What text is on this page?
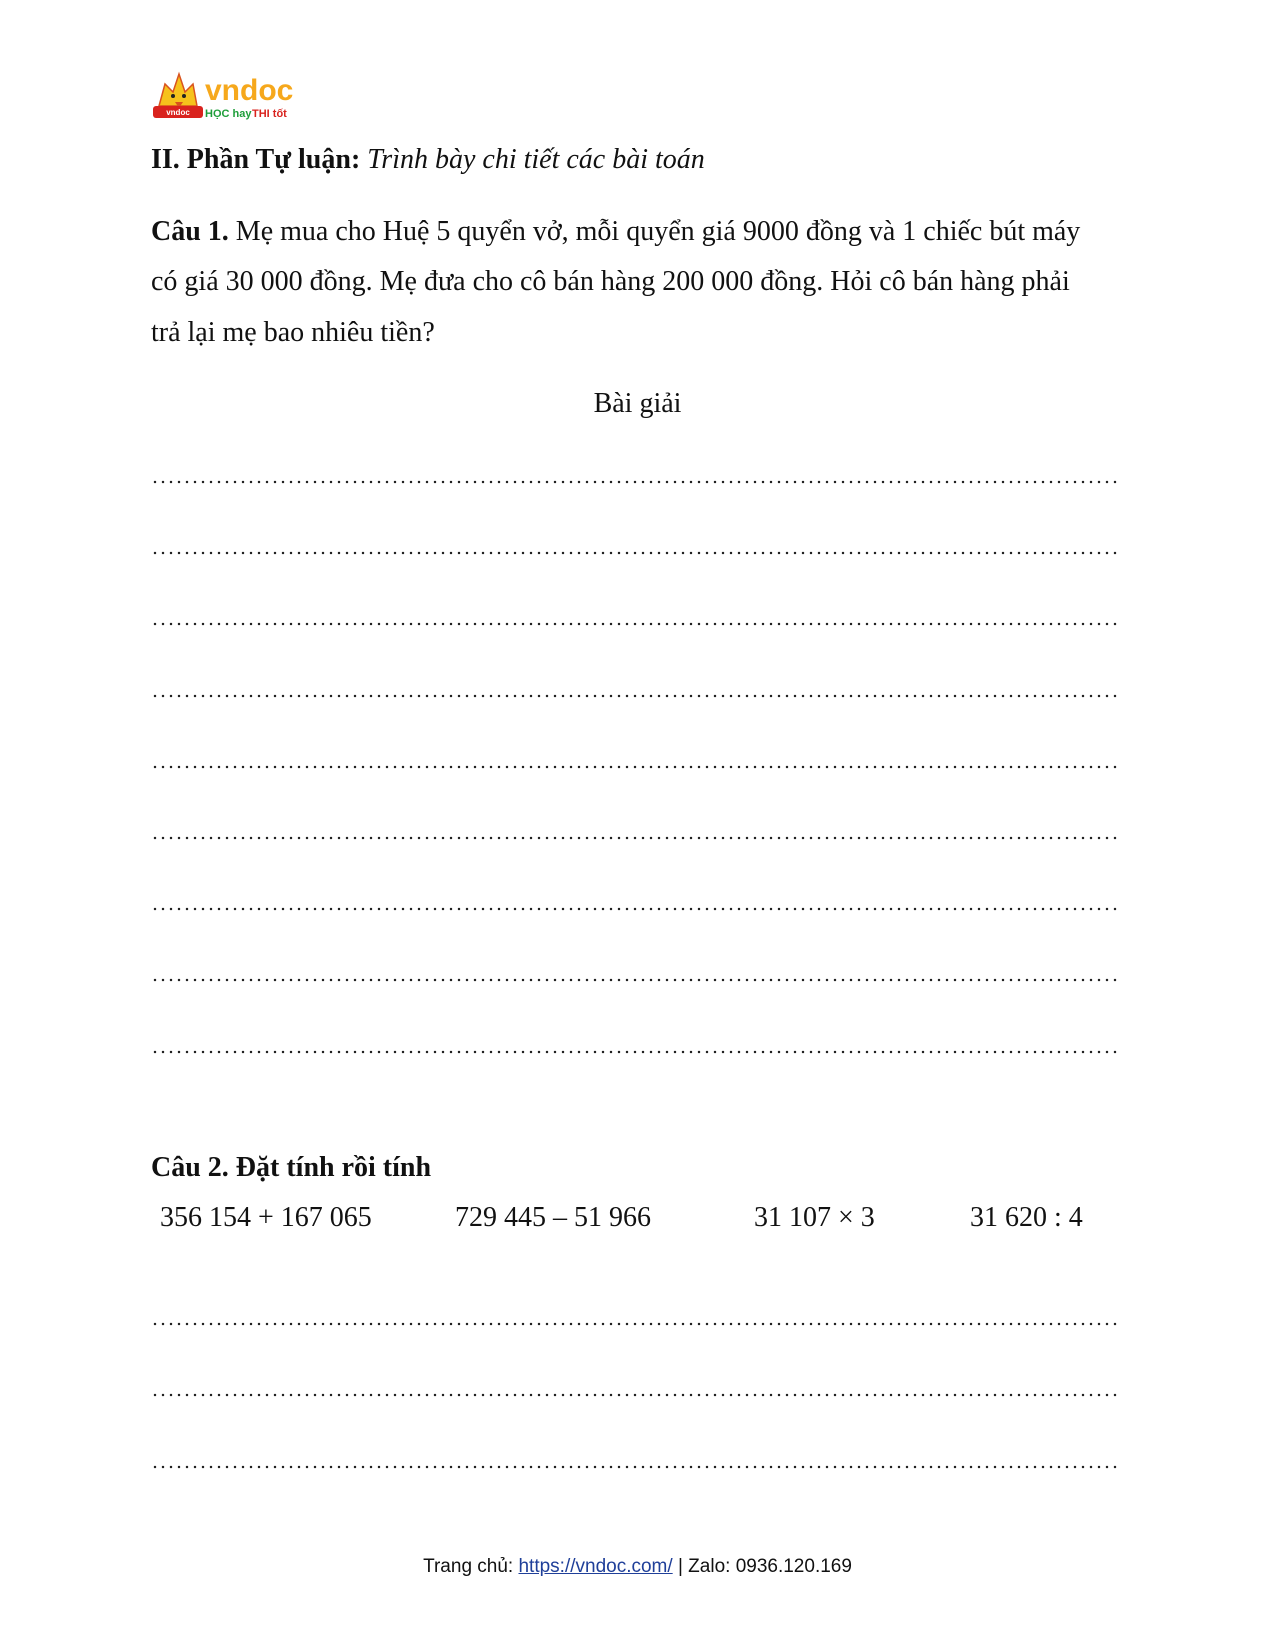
vndoc
vndoc
HỌC hay THI tốt
II. Phần Tự luận: Trình bày chi tiết các bài toán
Câu 1. Mẹ mua cho Huệ 5 quyển vở, mỗi quyển giá 9000 đồng và 1 chiếc bút máy
có giá 30 000 đồng. Mẹ đưa cho cô bán hàng 200 000 đồng. Hỏi cô bán hàng phải
trả lại mẹ bao nhiêu tiền?
Bài giải
Câu 2. Đặt tính rồi tính
356 154 + 167 065	729 445 – 51 966	31 107 × 3	31 620 : 4
Trang chủ: https://vndoc.com/ | Zalo: 0936.120.169
